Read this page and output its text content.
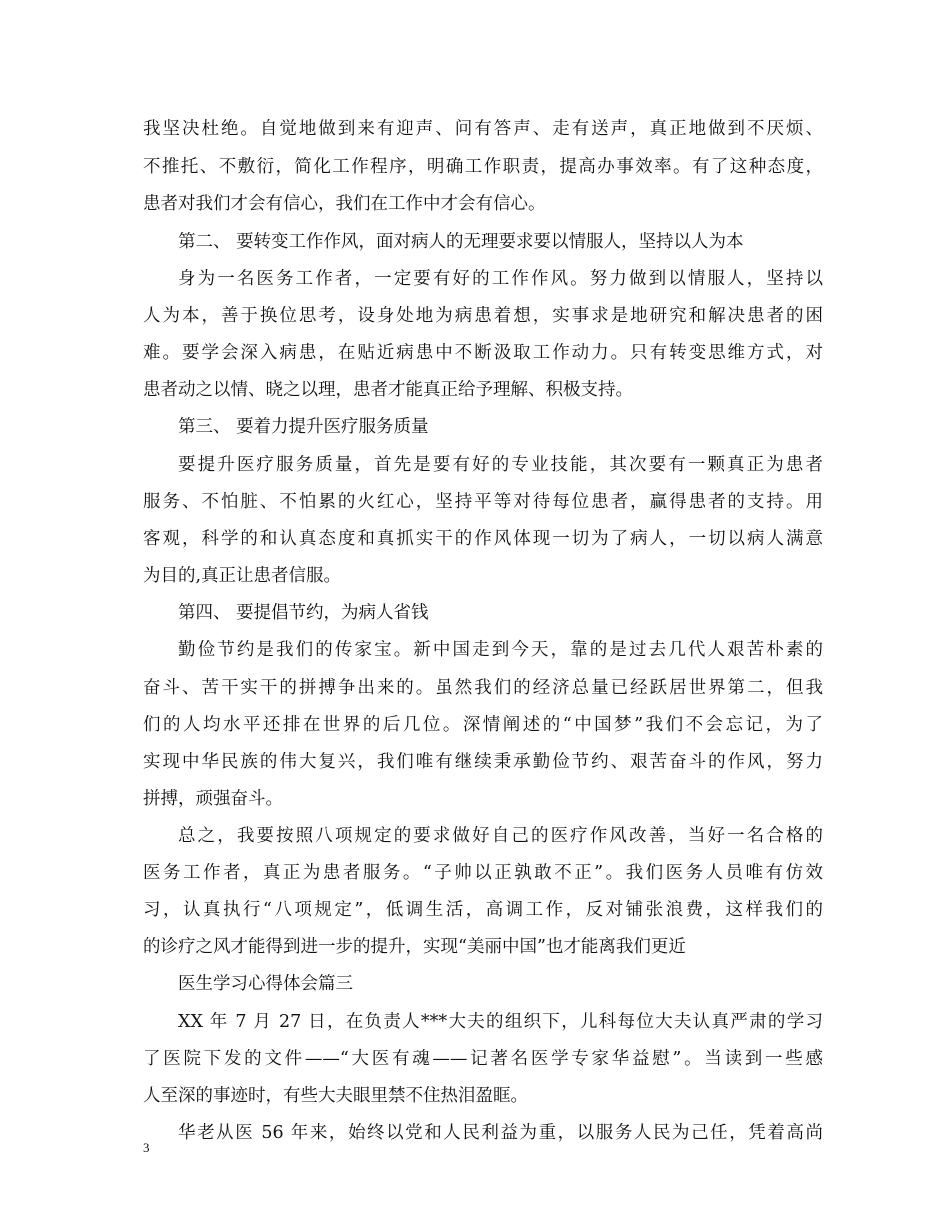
我坚决杜绝。自觉地做到来有迎声、问有答声、走有送声，真正地做到不厌烦、
不推托、不敷衍，简化工作程序，明确工作职责，提高办事效率。有了这种态度，
患者对我们才会有信心，我们在工作中才会有信心。
第二、 要转变工作作风，面对病人的无理要求要以情服人，坚持以人为本
身为一名医务工作者，一定要有好的工作作风。努力做到以情服人，坚持以
人为本，善于换位思考，设身处地为病患着想，实事求是地研究和解决患者的困
难。要学会深入病患，在贴近病患中不断汲取工作动力。只有转变思维方式，对
患者动之以情、晓之以理，患者才能真正给予理解、积极支持。
第三、 要着力提升医疗服务质量
要提升医疗服务质量，首先是要有好的专业技能，其次要有一颗真正为患者
服务、不怕脏、不怕累的火红心，坚持平等对待每位患者，赢得患者的支持。用
客观，科学的和认真态度和真抓实干的作风体现一切为了病人，一切以病人满意
为目的,真正让患者信服。
第四、 要提倡节约，为病人省钱
勤俭节约是我们的传家宝。新中国走到今天，靠的是过去几代人艰苦朴素的
奋斗、苦干实干的拼搏争出来的。虽然我们的经济总量已经跃居世界第二，但我
们的人均水平还排在世界的后几位。深情阐述的“中国梦”我们不会忘记，为了
实现中华民族的伟大复兴，我们唯有继续秉承勤俭节约、艰苦奋斗的作风，努力
拼搏，顽强奋斗。
总之，我要按照八项规定的要求做好自己的医疗作风改善，当好一名合格的
医务工作者，真正为患者服务。“子帅以正孰敢不正”。我们医务人员唯有仿效
习，认真执行“八项规定”，低调生活，高调工作，反对铺张浪费，这样我们的
的诊疗之风才能得到进一步的提升，实现“美丽中国”也才能离我们更近
医生学习心得体会篇三
XX 年 7 月 27 日，在负责人***大夫的组织下，儿科每位大夫认真严肃的学习
了医院下发的文件——“大医有魂——记著名医学专家华益慰”。当读到一些感
人至深的事迹时，有些大夫眼里禁不住热泪盈眶。
华老从医 56 年来，始终以党和人民利益为重，以服务人民为己任，凭着高尚
3
